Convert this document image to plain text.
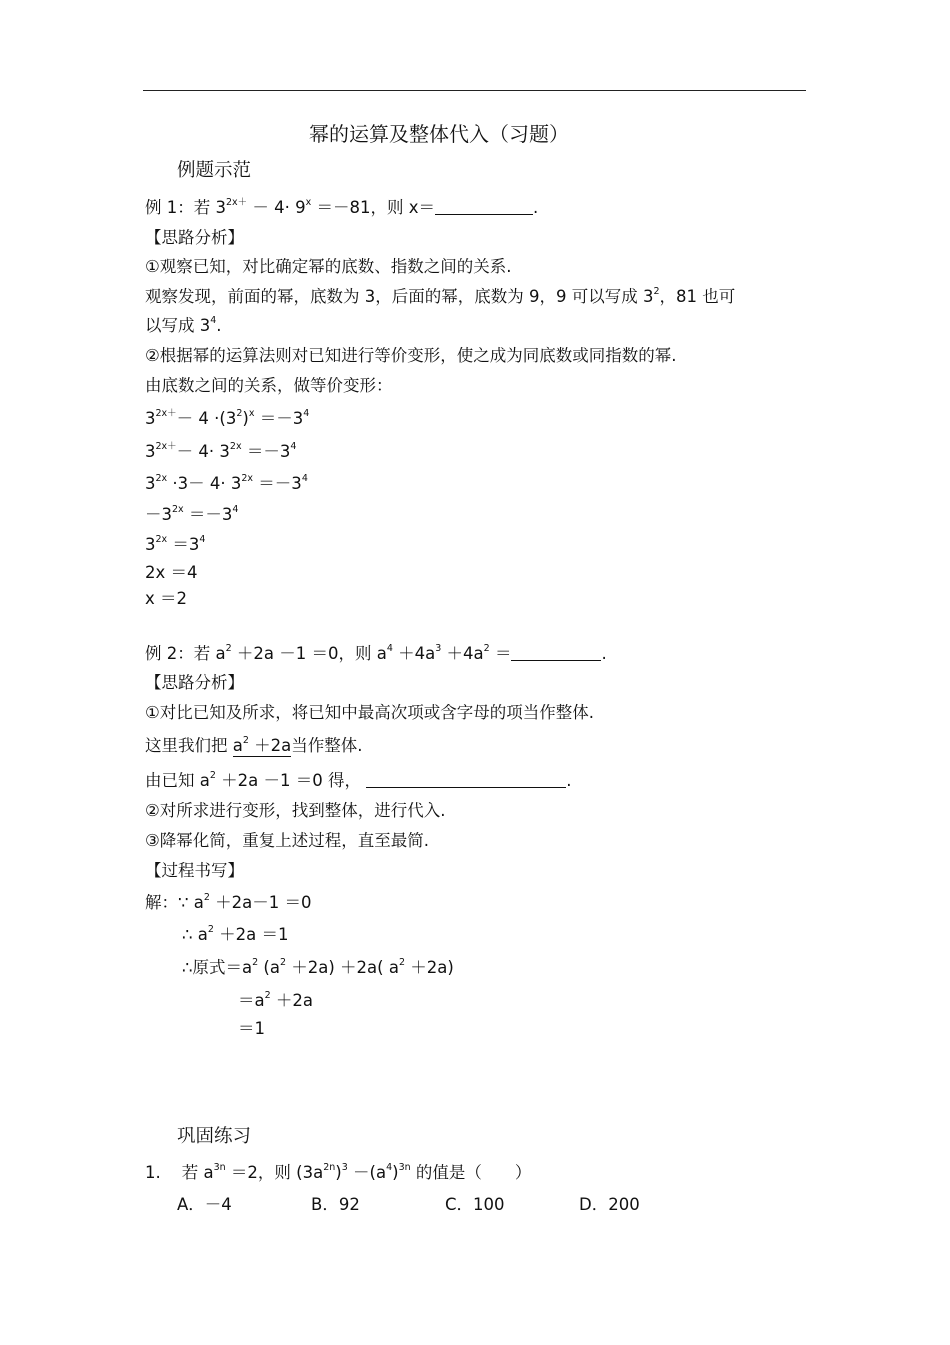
幂的运算及整体代入（习题）
例题示范
例 1：若 $3^{2x+} - 4\cdot 9^x =-81$，则 x＝	.
【思路分析】
①观察已知，对比确定幂的底数、指数之间的关系.
观察发现，前面的幂，底数为 3，后面的幂，底数为 9，9 可以写成 $3^2$，81 也可
以写成 $3^4$.
②根据幂的运算法则对已知进行等价变形，使之成为同底数或同指数的幂.
由底数之间的关系，做等价变形：
$3^{2x+}- 4 \cdot(3^2)^x =-3^4$
$3^{2x+}- 4\cdot 3^{2x} =-3^4$
$3^{2x} \cdot 3- 4\cdot 3^{2x} =-3^4$
$-3^{2x} =-3^4$
$3^{2x} =3^4$
2x ＝4
x ＝2
例 2：若 $a^2 +2a -1 =0$，则 $a^4 +4a^3 +4a^2$ ＝	.
【思路分析】
①对比已知及所求，将已知中最高次项或含字母的项当作整体.
这里我们把 $a^2 +2a$当作整体.
由已知 $a^2 +2a -1 =0$ 得，	.
②对所求进行变形，找到整体，进行代入.
③降幂化简，重复上述过程，直至最简.
【过程书写】
解：∵ $a^2 +2a-1 =0$
∴ $a^2 +2a =1$
∴原式$=a^2$ $(a^2 +2a) +2a$( $a^2 +2a$)
$=a^2 +2a$
＝1
巩固练习
1. 若 $a^{3n} =2$，则 $(3a^{2n})^3 -(a^4)^{3n}$ 的值是（　　）
A．－4	B．92	C．100	D．200
